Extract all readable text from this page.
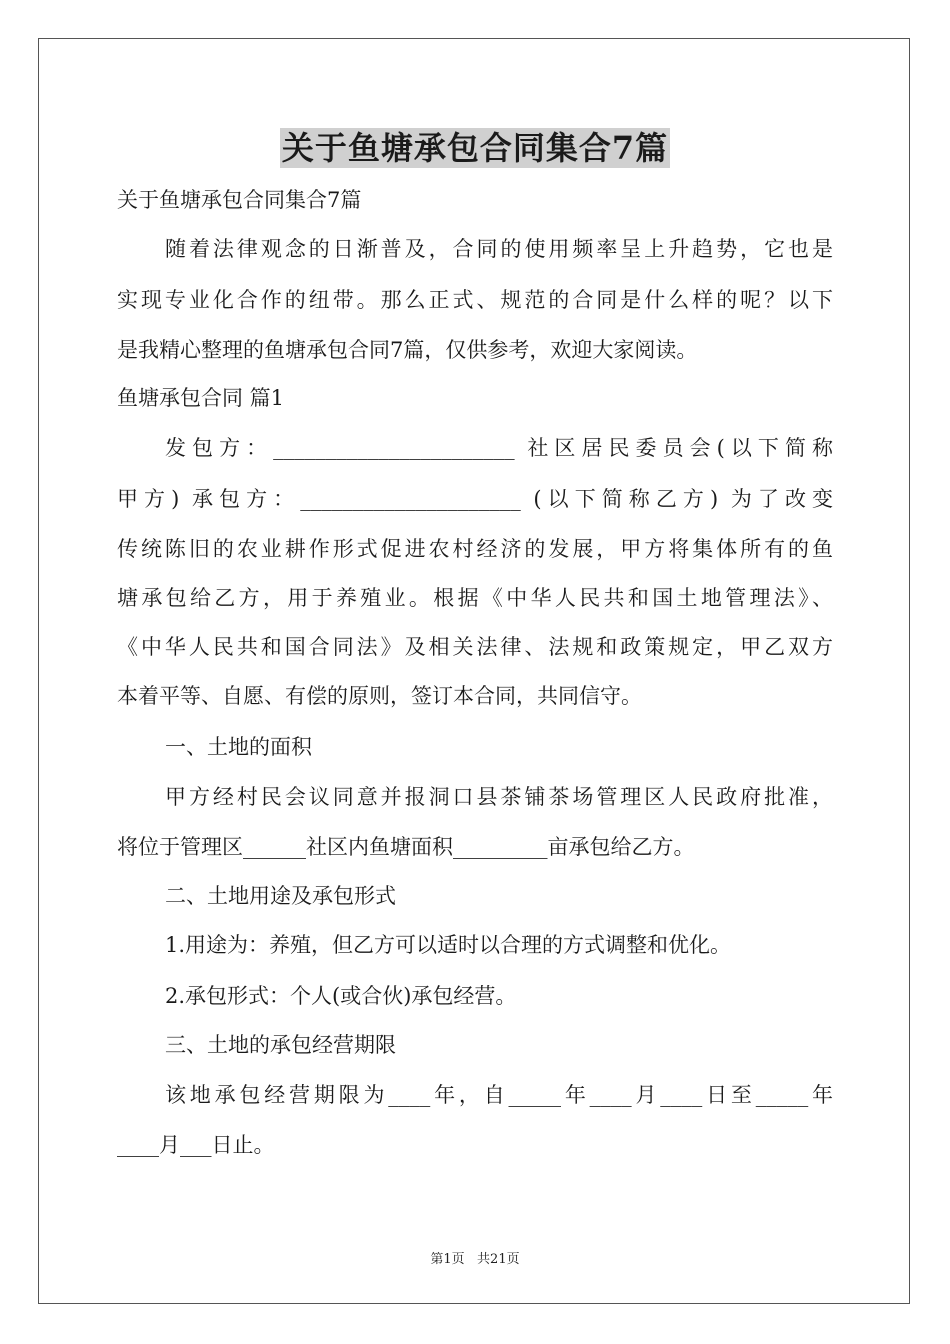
关于鱼塘承包合同集合7篇
关于鱼塘承包合同集合7篇
随着法律观念的日渐普及，合同的使用频率呈上升趋势，它也是
实现专业化合作的纽带。那么正式、规范的合同是什么样的呢？以下
是我精心整理的鱼塘承包合同7篇，仅供参考，欢迎大家阅读。
鱼塘承包合同 篇1
发包方：_______________________ 社区居民委员会(以下简称
甲方) 承包方：_____________________ (以下简称乙方) 为了改变
传统陈旧的农业耕作形式促进农村经济的发展，甲方将集体所有的鱼
塘承包给乙方，用于养殖业。根据《中华人民共和国土地管理法》、
《中华人民共和国合同法》及相关法律、法规和政策规定，甲乙双方
本着平等、自愿、有偿的原则，签订本合同，共同信守。
一、土地的面积
甲方经村民会议同意并报洞口县茶铺茶场管理区人民政府批准，
将位于管理区______社区内鱼塘面积_________亩承包给乙方。
二、土地用途及承包形式
1.用途为：养殖，但乙方可以适时以合理的方式调整和优化。
2.承包形式：个人(或合伙)承包经营。
三、土地的承包经营期限
该地承包经营期限为____年，自_____年____月____日至_____年
____月___日止。
第1页   共21页
